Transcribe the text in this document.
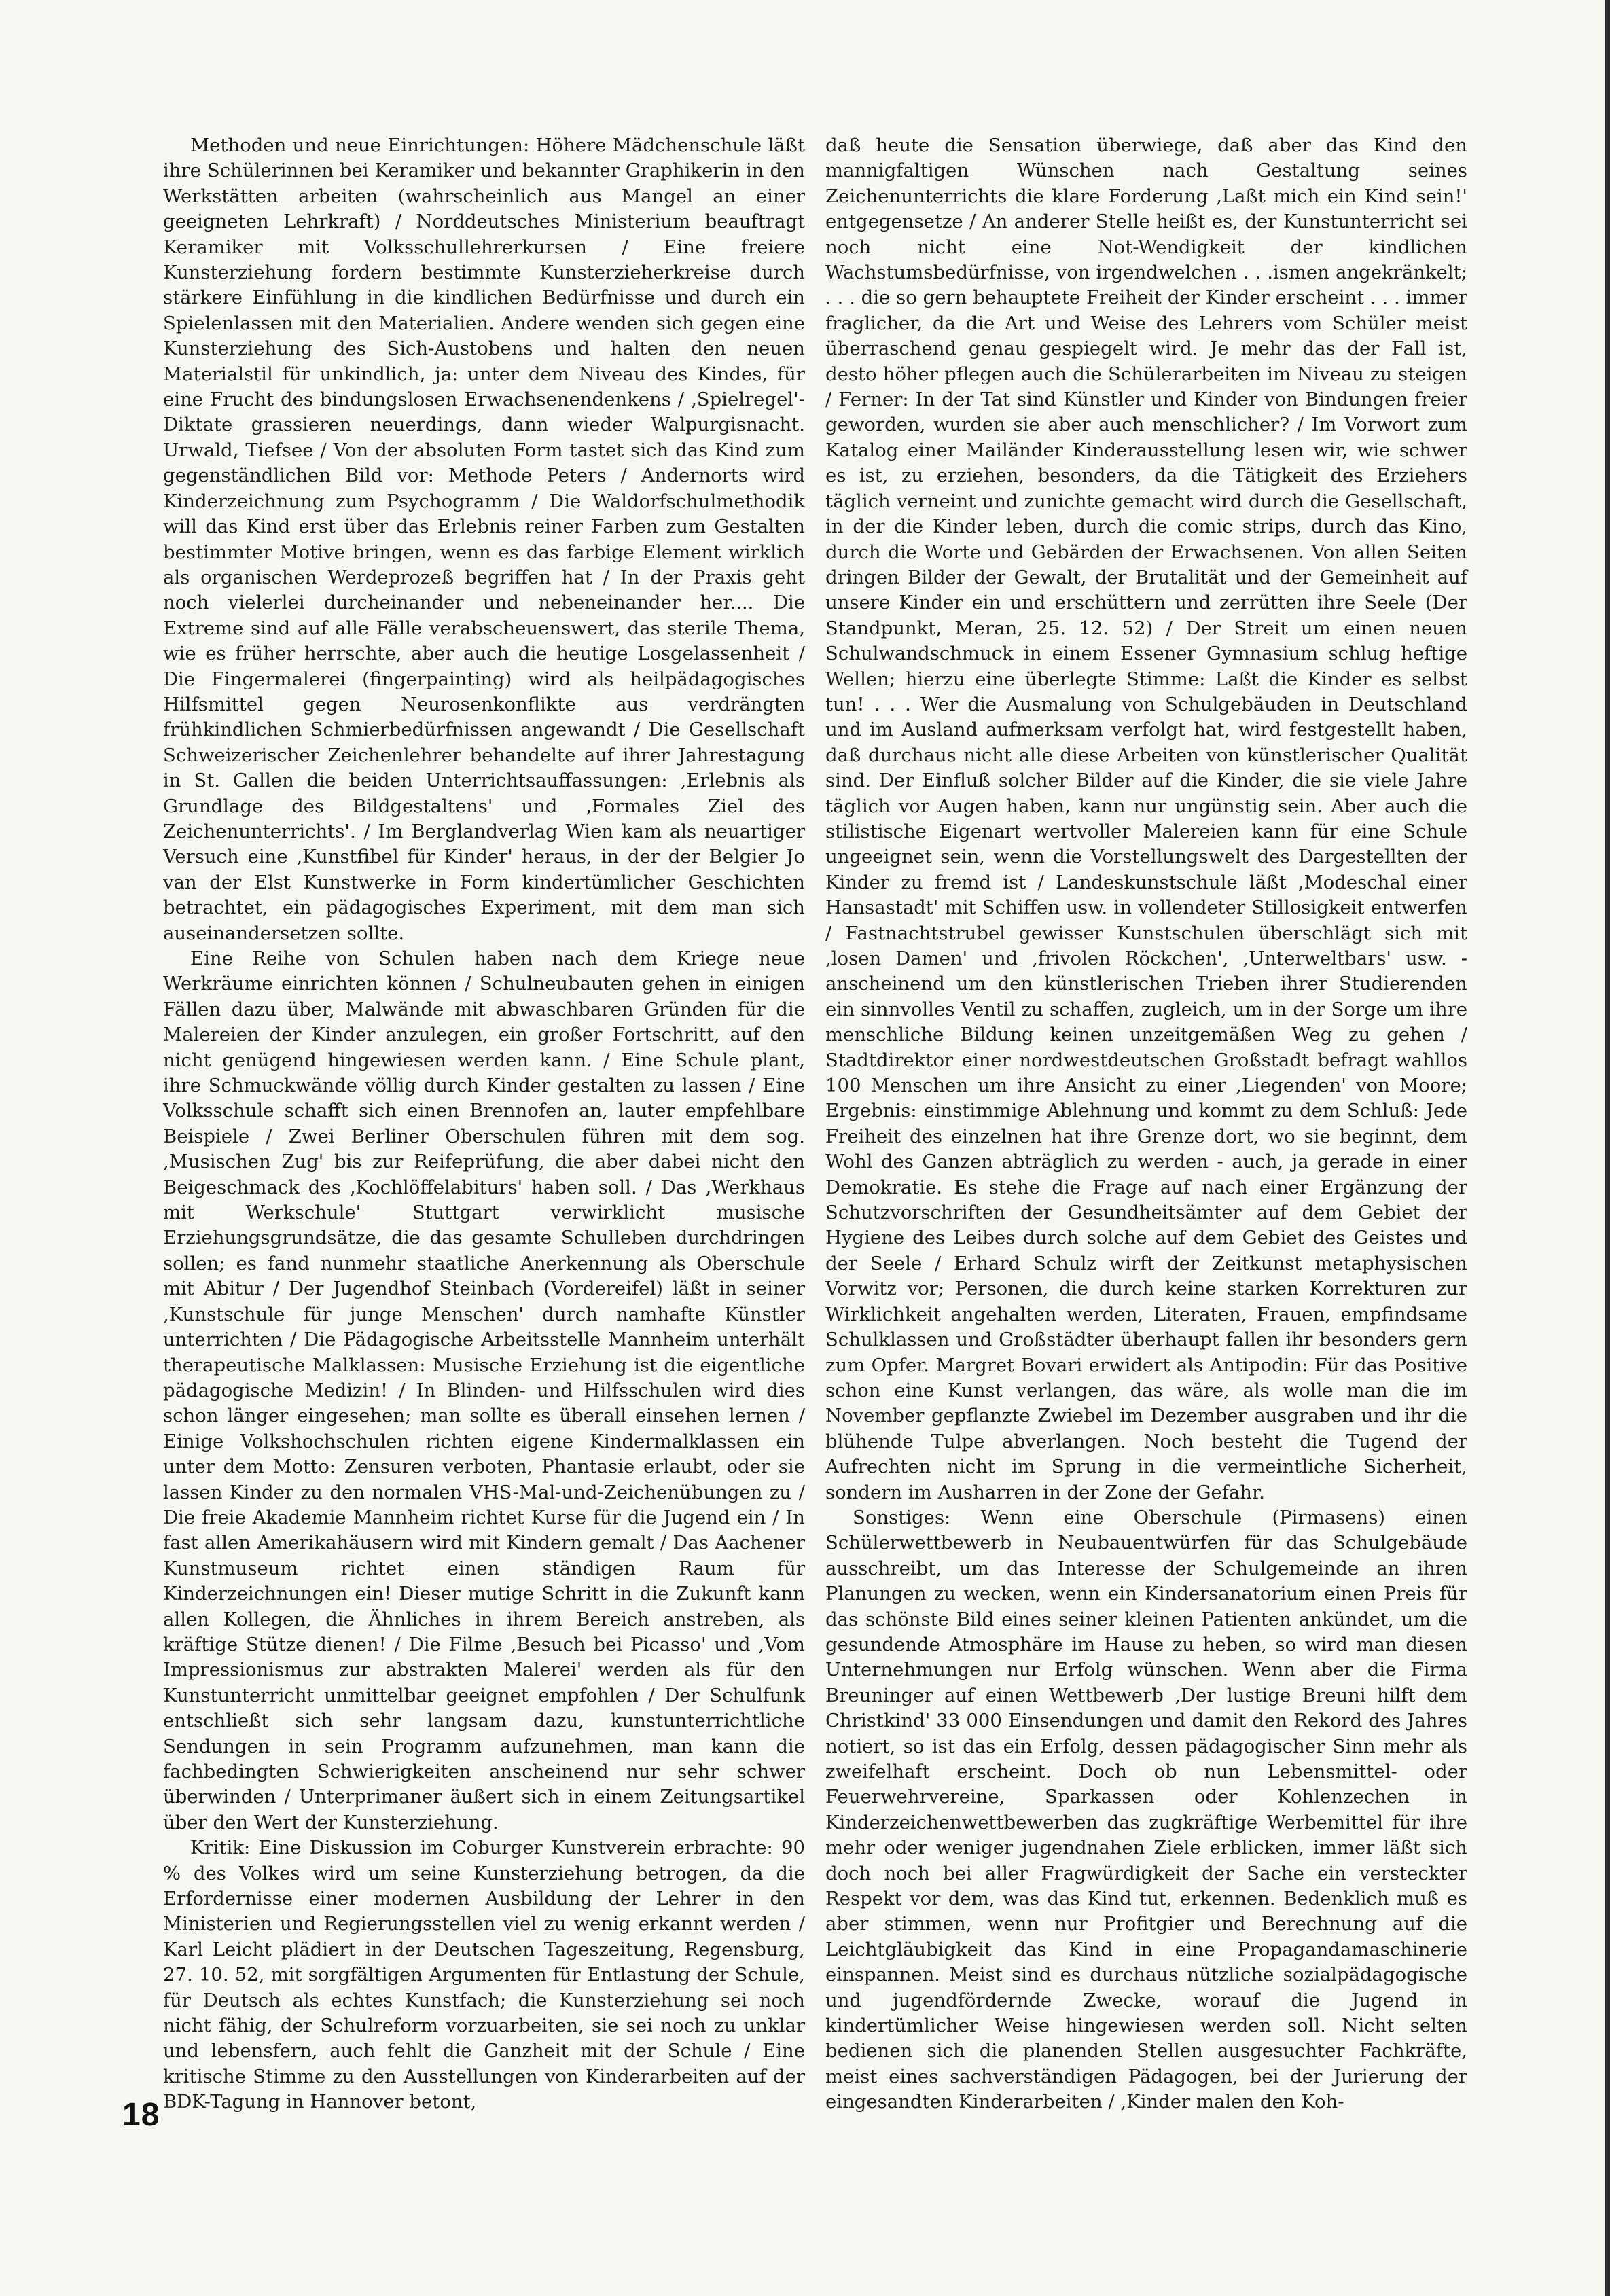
Methoden und neue Einrichtungen: Höhere Mädchenschule läßt ihre Schülerinnen bei Keramiker und bekannter Graphikerin in den Werkstätten arbeiten (wahrscheinlich aus Mangel an einer geeigneten Lehrkraft) / Norddeutsches Ministerium beauftragt Keramiker mit Volksschullehrerkursen / Eine freiere Kunsterziehung fordern bestimmte Kunsterzieherkreise durch stärkere Einfühlung in die kindlichen Bedürfnisse und durch ein Spielenlassen mit den Materialien. Andere wenden sich gegen eine Kunsterziehung des Sich-Austobens und halten den neuen Materialstil für unkindlich, ja: unter dem Niveau des Kindes, für eine Frucht des bindungslosen Erwachsenendenkens / ‚Spielregel'-Diktate grassieren neuerdings, dann wieder Walpurgisnacht. Urwald, Tiefsee / Von der absoluten Form tastet sich das Kind zum gegenständlichen Bild vor: Methode Peters / Andernorts wird Kinderzeichnung zum Psychogramm / Die Waldorfschulmethodik will das Kind erst über das Erlebnis reiner Farben zum Gestalten bestimmter Motive bringen, wenn es das farbige Element wirklich als organischen Werdeprozeß begriffen hat / In der Praxis geht noch vielerlei durcheinander und nebeneinander her.... Die Extreme sind auf alle Fälle verabscheuenswert, das sterile Thema, wie es früher herrschte, aber auch die heutige Losgelassenheit / Die Fingermalerei (fingerpainting) wird als heilpädagogisches Hilfsmittel gegen Neurosenkonflikte aus verdrängten frühkindlichen Schmierbedürfnissen angewandt / Die Gesellschaft Schweizerischer Zeichenlehrer behandelte auf ihrer Jahrestagung in St. Gallen die beiden Unterrichtsauffassungen: ‚Erlebnis als Grundlage des Bildgestaltens' und ‚Formales Ziel des Zeichenunterrichts'. / Im Berglandverlag Wien kam als neuartiger Versuch eine ‚Kunstfibel für Kinder' heraus, in der der Belgier Jo van der Elst Kunstwerke in Form kindertümlicher Geschichten betrachtet, ein pädagogisches Experiment, mit dem man sich auseinandersetzen sollte.

Eine Reihe von Schulen haben nach dem Kriege neue Werkräume einrichten können / Schulneubauten gehen in einigen Fällen dazu über, Malwände mit abwaschbaren Gründen für die Malereien der Kinder anzulegen, ein großer Fortschritt, auf den nicht genügend hingewiesen werden kann. / Eine Schule plant, ihre Schmuckwände völlig durch Kinder gestalten zu lassen / Eine Volksschule schafft sich einen Brennofen an, lauter empfehlbare Beispiele / Zwei Berliner Oberschulen führen mit dem sog. ‚Musischen Zug' bis zur Reifeprüfung, die aber dabei nicht den Beigeschmack des ‚Kochlöffelabiturs' haben soll. / Das ‚Werkhaus mit Werkschule' Stuttgart verwirklicht musische Erziehungsgrundsätze, die das gesamte Schulleben durchdringen sollen; es fand nunmehr staatliche Anerkennung als Oberschule mit Abitur / Der Jugendhof Steinbach (Vordereifel) läßt in seiner ‚Kunstschule für junge Menschen' durch namhafte Künstler unterrichten / Die Pädagogische Arbeitsstelle Mannheim unterhält therapeutische Malklassen: Musische Erziehung ist die eigentliche pädagogische Medizin! / In Blinden- und Hilfsschulen wird dies schon länger eingesehen; man sollte es überall einsehen lernen / Einige Volkshochschulen richten eigene Kindermalklassen ein unter dem Motto: Zensuren verboten, Phantasie erlaubt, oder sie lassen Kinder zu den normalen VHS-Mal-und-Zeichenübungen zu / Die freie Akademie Mannheim richtet Kurse für die Jugend ein / In fast allen Amerikahäusern wird mit Kindern gemalt / Das Aachener Kunstmuseum richtet einen ständigen Raum für Kinderzeichnungen ein! Dieser mutige Schritt in die Zukunft kann allen Kollegen, die Ähnliches in ihrem Bereich anstreben, als kräftige Stütze dienen! / Die Filme ‚Besuch bei Picasso' und ‚Vom Impressionismus zur abstrakten Malerei' werden als für den Kunstunterricht unmittelbar geeignet empfohlen / Der Schulfunk entschließt sich sehr langsam dazu, kunstunterrichtliche Sendungen in sein Programm aufzunehmen, man kann die fachbedingten Schwierigkeiten anscheinend nur sehr schwer überwinden / Unterprimaner äußert sich in einem Zeitungsartikel über den Wert der Kunsterziehung.

Kritik: Eine Diskussion im Coburger Kunstverein erbrachte: 90 % des Volkes wird um seine Kunsterziehung betrogen, da die Erfordernisse einer modernen Ausbildung der Lehrer in den Ministerien und Regierungsstellen viel zu wenig erkannt werden / Karl Leicht plädiert in der Deutschen Tageszeitung, Regensburg, 27. 10. 52, mit sorgfältigen Argumenten für Entlastung der Schule, für Deutsch als echtes Kunstfach; die Kunsterziehung sei noch nicht fähig, der Schulreform vorzuarbeiten, sie sei noch zu unklar und lebensfern, auch fehlt die Ganzheit mit der Schule / Eine kritische Stimme zu den Ausstellungen von Kinderarbeiten auf der BDK-Tagung in Hannover betont,

daß heute die Sensation überwiege, daß aber das Kind den mannigfaltigen Wünschen nach Gestaltung seines Zeichenunterrichts die klare Forderung ‚Laßt mich ein Kind sein!' entgegensetze / An anderer Stelle heißt es, der Kunstunterricht sei noch nicht eine Not-Wendigkeit der kindlichen Wachstumsbedürfnisse, von irgendwelchen . . .ismen angekränkelt; . . . die so gern behauptete Freiheit der Kinder erscheint . . . immer fraglicher, da die Art und Weise des Lehrers vom Schüler meist überraschend genau gespiegelt wird. Je mehr das der Fall ist, desto höher pflegen auch die Schülerarbeiten im Niveau zu steigen / Ferner: In der Tat sind Künstler und Kinder von Bindungen freier geworden, wurden sie aber auch menschlicher? / Im Vorwort zum Katalog einer Mailänder Kinderausstellung lesen wir, wie schwer es ist, zu erziehen, besonders, da die Tätigkeit des Erziehers täglich verneint und zunichte gemacht wird durch die Gesellschaft, in der die Kinder leben, durch die comic strips, durch das Kino, durch die Worte und Gebärden der Erwachsenen. Von allen Seiten dringen Bilder der Gewalt, der Brutalität und der Gemeinheit auf unsere Kinder ein und erschüttern und zerrütten ihre Seele (Der Standpunkt, Meran, 25. 12. 52) / Der Streit um einen neuen Schulwandschmuck in einem Essener Gymnasium schlug heftige Wellen; hierzu eine überlegte Stimme: Laßt die Kinder es selbst tun! . . . Wer die Ausmalung von Schulgebäuden in Deutschland und im Ausland aufmerksam verfolgt hat, wird festgestellt haben, daß durchaus nicht alle diese Arbeiten von künstlerischer Qualität sind. Der Einfluß solcher Bilder auf die Kinder, die sie viele Jahre täglich vor Augen haben, kann nur ungünstig sein. Aber auch die stilistische Eigenart wertvoller Malereien kann für eine Schule ungeeignet sein, wenn die Vorstellungswelt des Dargestellten der Kinder zu fremd ist / Landeskunstschule läßt ‚Modeschal einer Hansastadt' mit Schiffen usw. in vollendeter Stillosigkeit entwerfen / Fastnachtstrubel gewisser Kunstschulen überschlägt sich mit ‚losen Damen' und ‚frivolen Röckchen', ‚Unterweltbars' usw. - anscheinend um den künstlerischen Trieben ihrer Studierenden ein sinnvolles Ventil zu schaffen, zugleich, um in der Sorge um ihre menschliche Bildung keinen unzeitgemäßen Weg zu gehen / Stadtdirektor einer nordwestdeutschen Großstadt befragt wahllos 100 Menschen um ihre Ansicht zu einer ‚Liegenden' von Moore; Ergebnis: einstimmige Ablehnung und kommt zu dem Schluß: Jede Freiheit des einzelnen hat ihre Grenze dort, wo sie beginnt, dem Wohl des Ganzen abträglich zu werden - auch, ja gerade in einer Demokratie. Es stehe die Frage auf nach einer Ergänzung der Schutzvorschriften der Gesundheitsämter auf dem Gebiet der Hygiene des Leibes durch solche auf dem Gebiet des Geistes und der Seele / Erhard Schulz wirft der Zeitkunst metaphysischen Vorwitz vor; Personen, die durch keine starken Korrekturen zur Wirklichkeit angehalten werden, Literaten, Frauen, empfindsame Schulklassen und Großstädter überhaupt fallen ihr besonders gern zum Opfer. Margret Bovari erwidert als Antipodin: Für das Positive schon eine Kunst verlangen, das wäre, als wolle man die im November gepflanzte Zwiebel im Dezember ausgraben und ihr die blühende Tulpe abverlangen. Noch besteht die Tugend der Aufrechten nicht im Sprung in die vermeintliche Sicherheit, sondern im Ausharren in der Zone der Gefahr.

Sonstiges: Wenn eine Oberschule (Pirmasens) einen Schülerwettbewerb in Neubauentwürfen für das Schulgebäude ausschreibt, um das Interesse der Schulgemeinde an ihren Planungen zu wecken, wenn ein Kindersanatorium einen Preis für das schönste Bild eines seiner kleinen Patienten ankündet, um die gesundende Atmosphäre im Hause zu heben, so wird man diesen Unternehmungen nur Erfolg wünschen. Wenn aber die Firma Breuninger auf einen Wettbewerb ‚Der lustige Breuni hilft dem Christkind' 33 000 Einsendungen und damit den Rekord des Jahres notiert, so ist das ein Erfolg, dessen pädagogischer Sinn mehr als zweifelhaft erscheint. Doch ob nun Lebensmittel- oder Feuerwehrvereine, Sparkassen oder Kohlenzechen in Kinderzeichenwettbewerben das zugkräftige Werbemittel für ihre mehr oder weniger jugendnahen Ziele erblicken, immer läßt sich doch noch bei aller Fragwürdigkeit der Sache ein versteckter Respekt vor dem, was das Kind tut, erkennen. Bedenklich muß es aber stimmen, wenn nur Profitgier und Berechnung auf die Leichtgläubigkeit das Kind in eine Propagandamaschinerie einspannen. Meist sind es durchaus nützliche sozialpädagogische und jugendfördernde Zwecke, worauf die Jugend in kindertümlicher Weise hingewiesen werden soll. Nicht selten bedienen sich die planenden Stellen ausgesuchter Fachkräfte, meist eines sachverständigen Pädagogen, bei der Jurierung der eingesandten Kinderarbeiten / ‚Kinder malen den Koh-

18
